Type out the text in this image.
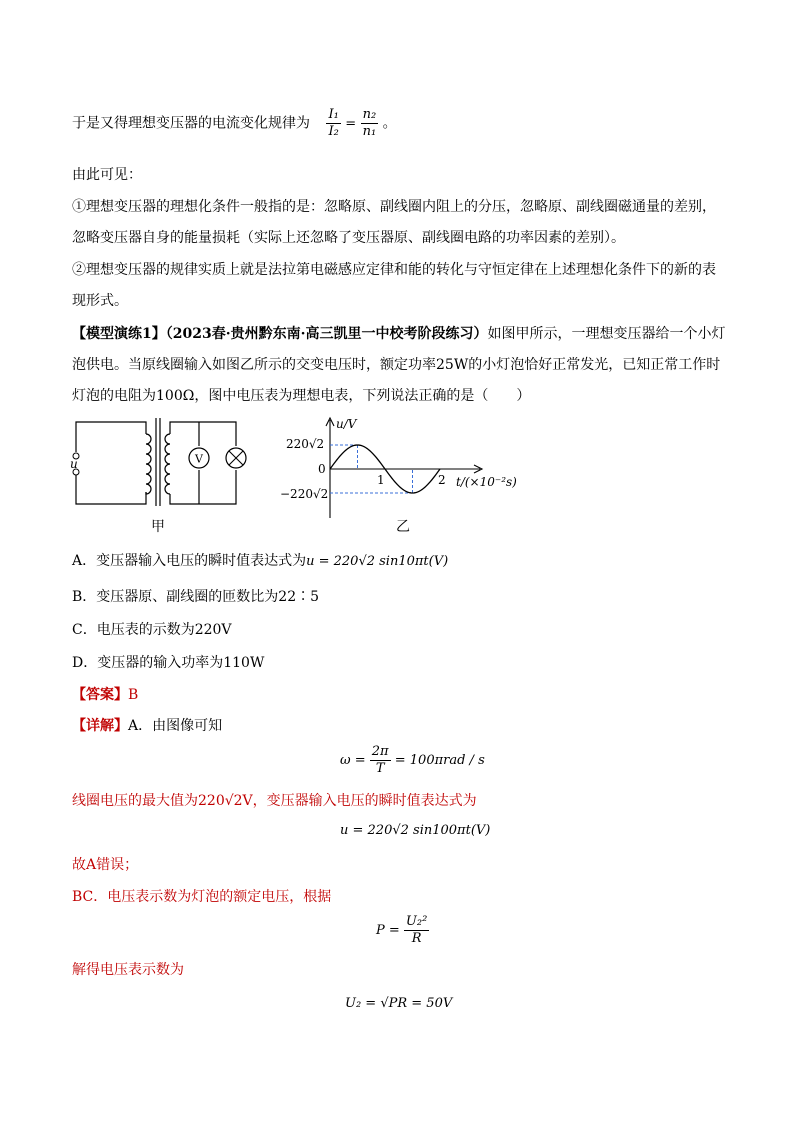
于是又得理想变压器的电流变化规律为 $\frac{\text{I₁}}{\text{I₂}} = \frac{\text{n₂}}{\text{n₁}}$ 。
由此可见：
①理想变压器的理想化条件一般指的是：忽略原、副线圈内阻上的分压，忽略原、副线圈磁通量的差别，
忽略变压器自身的能量损耗（实际上还忽略了变压器原、副线圈电路的功率因素的差别）。
②理想变压器的规律实质上就是法拉第电磁感应定律和能的转化与守恒定律在上述理想化条件下的新的表
现形式。
【模型演练1】（2023春·贵州黔东南·高三凯里一中校考阶段练习）如图甲所示，一理想变压器给一个小灯
泡供电。当原线圈输入如图乙所示的交变电压时，额定功率25W的小灯泡恰好正常发光，已知正常工作时
灯泡的电阻为100Ω，图中电压表为理想电表，下列说法正确的是（　　）
u	V
甲
u/V
220√2
0
−220√2
1	2 t/(×10⁻²s)
乙
A．变压器输入电压的瞬时值表达式为u = 220√2 sin10πt(V)
B．变压器原、副线圈的匝数比为22∶5
C．电压表的示数为220V
D．变压器的输入功率为110W
【答案】B
【详解】A．由图像可知
$\omega = \frac{2\pi}{T} = 100\pi rad / s$
线圈电压的最大值为220√2V，变压器输入电压的瞬时值表达式为
u = 220√2 sin100πt(V)
故A错误；
BC．电压表示数为灯泡的额定电压，根据
$P = \frac{\text{U₂²}}{R}$
解得电压表示数为
U₂ = √PR = 50V
